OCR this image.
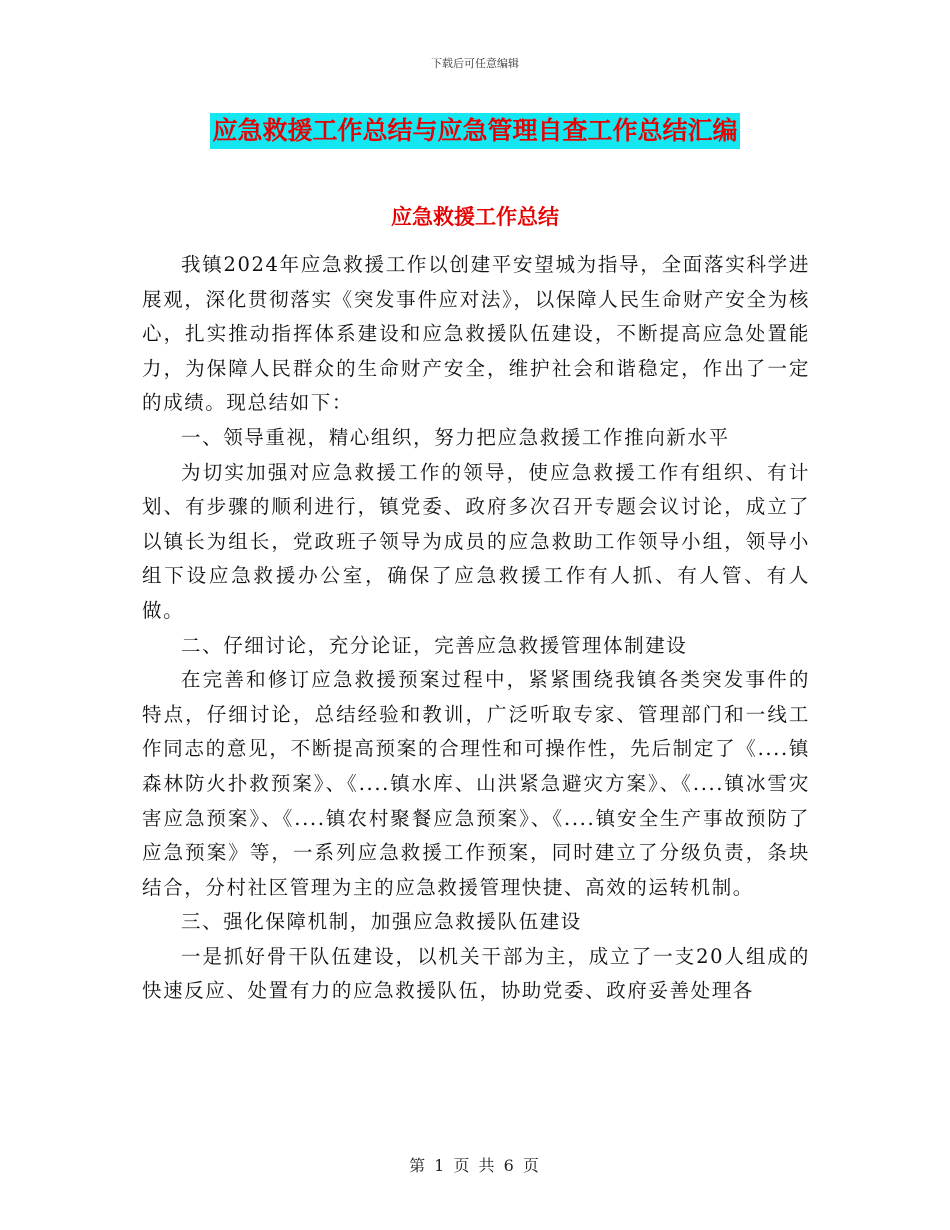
下载后可任意编辑
应急救援工作总结与应急管理自查工作总结汇编
应急救援工作总结

我镇2024年应急救援工作以创建平安望城为指导，全面落实科学进展观，深化贯彻落实《突发事件应对法》，以保障人民生命财产安全为核心，扎实推动指挥体系建设和应急救援队伍建设，不断提高应急处置能力，为保障人民群众的生命财产安全，维护社会和谐稳定，作出了一定的成绩。现总结如下：

一、领导重视，精心组织，努力把应急救援工作推向新水平

为切实加强对应急救援工作的领导，使应急救援工作有组织、有计划、有步骤的顺利进行，镇党委、政府多次召开专题会议讨论，成立了以镇长为组长，党政班子领导为成员的应急救助工作领导小组，领导小组下设应急救援办公室，确保了应急救援工作有人抓、有人管、有人做。

二、仔细讨论，充分论证，完善应急救援管理体制建设

在完善和修订应急救援预案过程中，紧紧围绕我镇各类突发事件的特点，仔细讨论，总结经验和教训，广泛听取专家、管理部门和一线工作同志的意见，不断提高预案的合理性和可操作性，先后制定了《....镇森林防火扑救预案》、《....镇水库、山洪紧急避灾方案》、《....镇冰雪灾害应急预案》、《....镇农村聚餐应急预案》、《....镇安全生产事故预防了应急预案》等，一系列应急救援工作预案，同时建立了分级负责，条块结合，分村社区管理为主的应急救援管理快捷、高效的运转机制。

三、强化保障机制，加强应急救援队伍建设

一是抓好骨干队伍建设，以机关干部为主，成立了一支20人组成的快速反应、处置有力的应急救援队伍，协助党委、政府妥善处理各

第 1 页 共 6 页
